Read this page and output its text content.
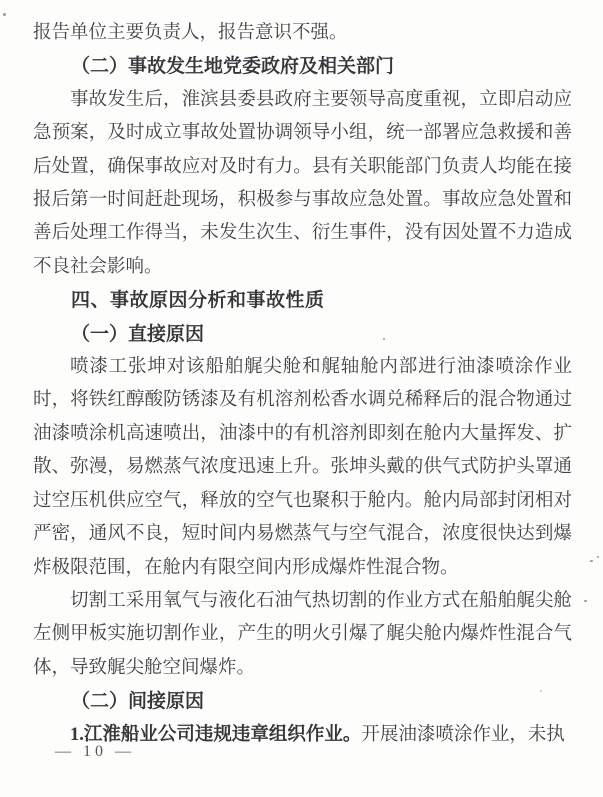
报告单位主要负责人，报告意识不强。

（二）事故发生地党委政府及相关部门

事故发生后，淮滨县委县政府主要领导高度重视，立即启动应急预案，及时成立事故处置协调领导小组，统一部署应急救援和善后处置，确保事故应对及时有力。县有关职能部门负责人均能在接报后第一时间赶赴现场，积极参与事故应急处置。事故应急处置和善后处理工作得当，未发生次生、衍生事件，没有因处置不力造成不良社会影响。

四、事故原因分析和事故性质
（一）直接原因

喷漆工张坤对该船舶艉尖舱和艉轴舱内部进行油漆喷涂作业时，将铁红醇酸防锈漆及有机溶剂松香水调兑稀释后的混合物通过油漆喷涂机高速喷出，油漆中的有机溶剂即刻在舱内大量挥发、扩散、弥漫，易燃蒸气浓度迅速上升。张坤头戴的供气式防护头罩通过空压机供应空气，释放的空气也聚积于舱内。舱内局部封闭相对严密，通风不良，短时间内易燃蒸气与空气混合，浓度很快达到爆炸极限范围，在舱内有限空间内形成爆炸性混合物。

切割工采用氧气与液化石油气热切割的作业方式在船舶艉尖舱左侧甲板实施切割作业，产生的明火引爆了艉尖舱内爆炸性混合气体，导致艉尖舱空间爆炸。

（二）间接原因

1.江淮船业公司违规违章组织作业。开展油漆喷涂作业，未执

— 10 —
